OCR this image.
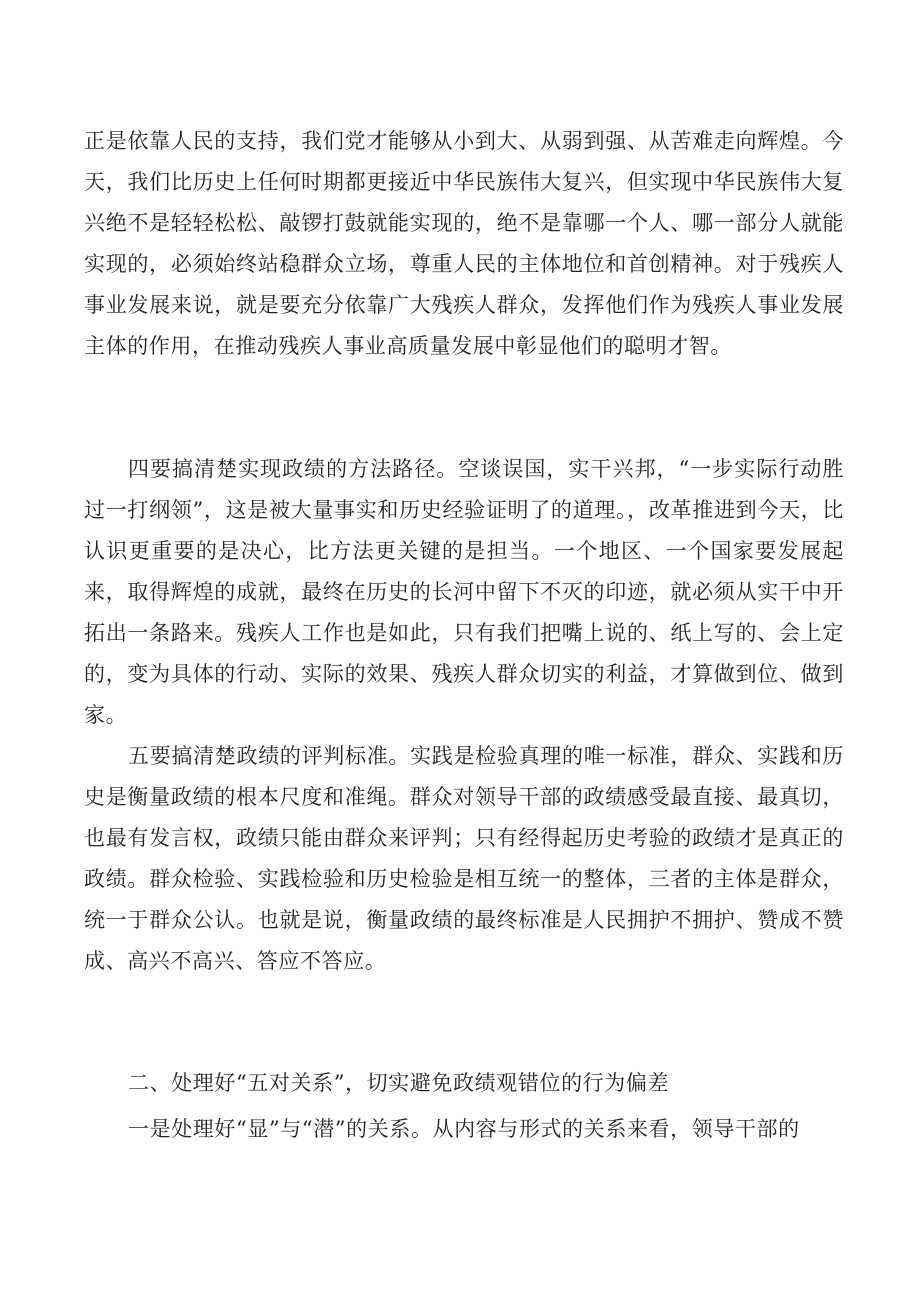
正是依靠人民的支持，我们党才能够从小到大、从弱到强、从苦难走向辉煌。今天，我们比历史上任何时期都更接近中华民族伟大复兴，但实现中华民族伟大复兴绝不是轻轻松松、敲锣打鼓就能实现的，绝不是靠哪一个人、哪一部分人就能实现的，必须始终站稳群众立场，尊重人民的主体地位和首创精神。对于残疾人事业发展来说，就是要充分依靠广大残疾人群众，发挥他们作为残疾人事业发展主体的作用，在推动残疾人事业高质量发展中彰显他们的聪明才智。

四要搞清楚实现政绩的方法路径。空谈误国，实干兴邦，“一步实际行动胜过一打纲领”，这是被大量事实和历史经验证明了的道理。，改革推进到今天，比认识更重要的是决心，比方法更关键的是担当。一个地区、一个国家要发展起来，取得辉煌的成就，最终在历史的长河中留下不灭的印迹，就必须从实干中开拓出一条路来。残疾人工作也是如此，只有我们把嘴上说的、纸上写的、会上定的，变为具体的行动、实际的效果、残疾人群众切实的利益，才算做到位、做到家。

五要搞清楚政绩的评判标准。实践是检验真理的唯一标准，群众、实践和历史是衡量政绩的根本尺度和准绳。群众对领导干部的政绩感受最直接、最真切，也最有发言权，政绩只能由群众来评判；只有经得起历史考验的政绩才是真正的政绩。群众检验、实践检验和历史检验是相互统一的整体，三者的主体是群众，统一于群众公认。也就是说，衡量政绩的最终标准是人民拥护不拥护、赞成不赞成、高兴不高兴、答应不答应。

二、处理好“五对关系”，切实避免政绩观错位的行为偏差

一是处理好“显”与“潜”的关系。从内容与形式的关系来看，领导干部的
